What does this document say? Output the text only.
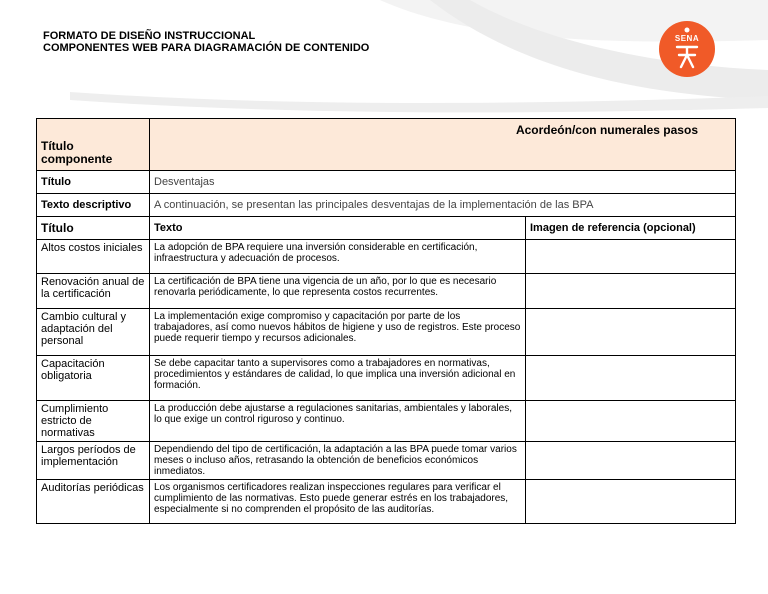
FORMATO DE DISEÑO INSTRUCCIONAL
COMPONENTES WEB PARA DIAGRAMACIÓN DE CONTENIDO
SENA
Título componente	Acordeón/con numerales pasos	
Título	Desventajas	
Texto descriptivo	A continuación, se presentan las principales desventajas de la implementación de las BPA	
Título	Texto	Imagen de referencia (opcional)
Altos costos iniciales	La adopción de BPA requiere una inversión considerable en certificación, infraestructura y adecuación de procesos.	
Renovación anual de la certificación	La certificación de BPA tiene una vigencia de un año, por lo que es necesario renovarla periódicamente, lo que representa costos recurrentes.	
Cambio cultural y adaptación del personal	La implementación exige compromiso y capacitación por parte de los trabajadores, así como nuevos hábitos de higiene y uso de registros. Este proceso puede requerir tiempo y recursos adicionales.	
Capacitación obligatoria	Se debe capacitar tanto a supervisores como a trabajadores en normativas, procedimientos y estándares de calidad, lo que implica una inversión adicional en formación.	
Cumplimiento estricto de normativas	La producción debe ajustarse a regulaciones sanitarias, ambientales y laborales, lo que exige un control riguroso y continuo.	
Largos períodos de implementación	Dependiendo del tipo de certificación, la adaptación a las BPA puede tomar varios meses o incluso años, retrasando la obtención de beneficios económicos inmediatos.	
Auditorías periódicas	Los organismos certificadores realizan inspecciones regulares para verificar el cumplimiento de las normativas. Esto puede generar estrés en los trabajadores, especialmente si no comprenden el propósito de las auditorías.	
